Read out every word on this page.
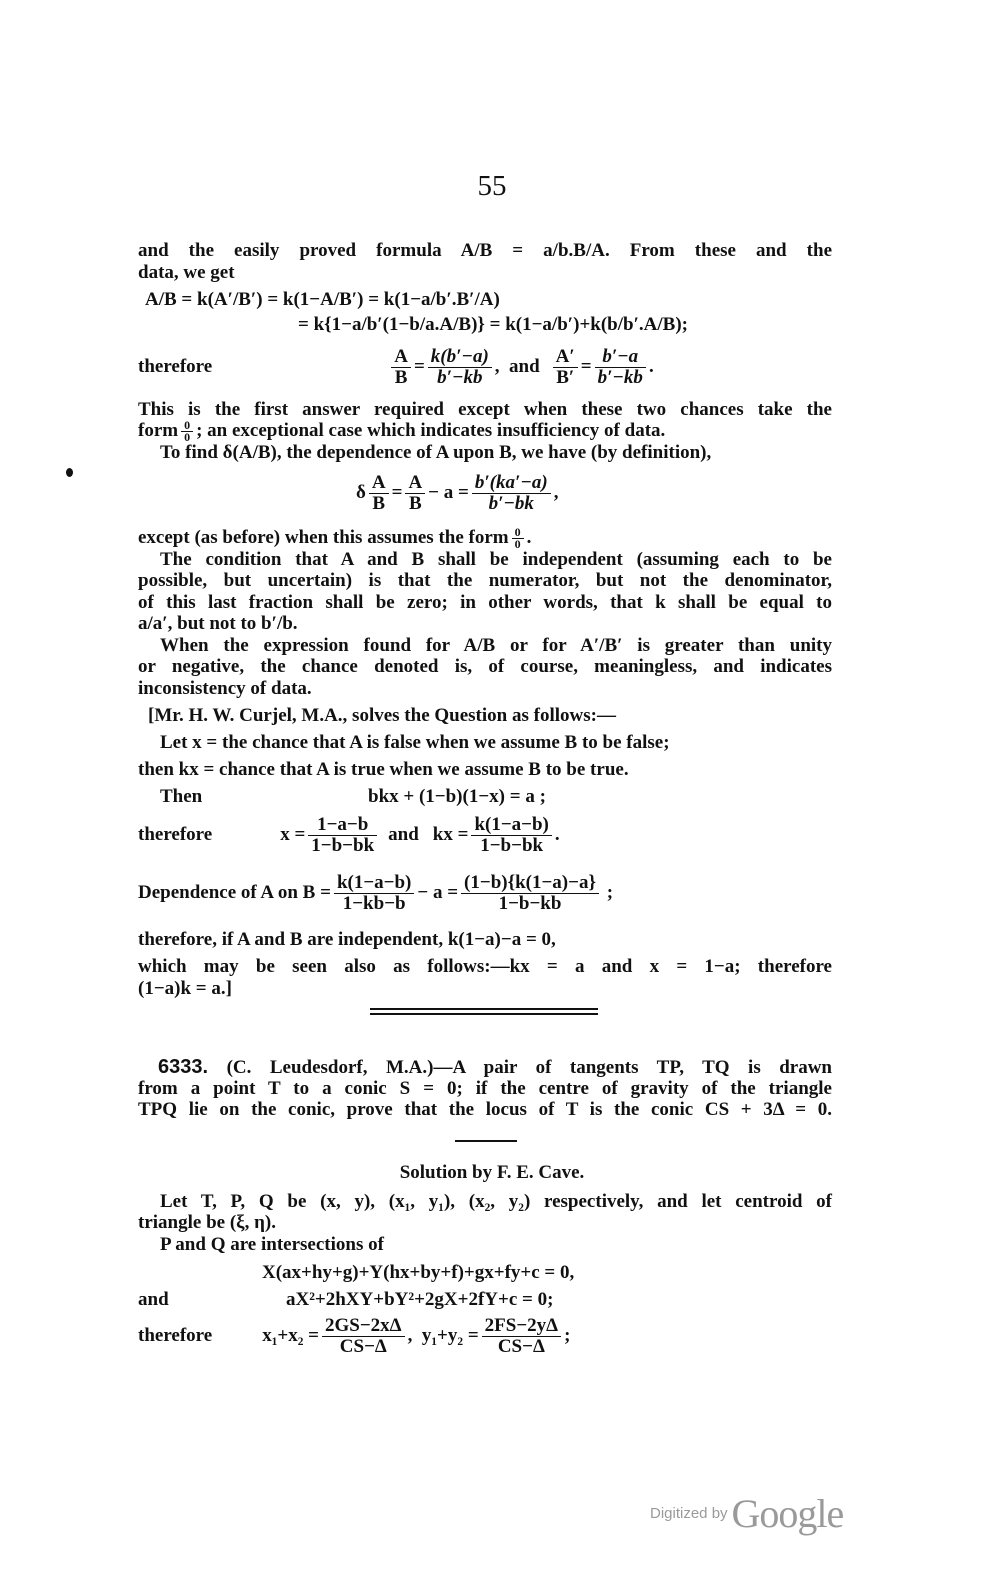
55
and the easily proved formula A/B = a/b.B/A. From these and the
data, we get
A/B = k(A′/B′) = k(1−A/B′) = k(1−a/b′.B′/A)
= k{1−a/b′(1−b/a.A/B)} = k(1−a/b′)+k(b/b′.A/B);
therefore	$\frac{A}{B} = \frac{k(b'-a)}{b'-kb}$ , and $\frac{A'}{B'} = \frac{b'-a}{b'-kb}$ .
This is the first answer required except when these two chances take the
form $\frac{0}{0}$ ; an exceptional case which indicates insufficiency of data.
To find δ(A/B), the dependence of A upon B, we have (by definition),
δ $\frac{A}{B} = \frac{A}{B} - a = \frac{b'(ka'-a)}{b'-bk}$ ,
except (as before) when this assumes the form $\frac{0}{0}$ .
The condition that A and B shall be independent (assuming each to be
possible, but uncertain) is that the numerator, but not the denominator,
of this last fraction shall be zero; in other words, that k shall be equal to
a/a′, but not to b′/b.
When the expression found for A/B or for A′/B′ is greater than unity
or negative, the chance denoted is, of course, meaningless, and indicates
inconsistency of data.
[Mr. H. W. Curjel, M.A., solves the Question as follows:—
Let x = the chance that A is false when we assume B to be false;
then kx = chance that A is true when we assume B to be true.
Then	bkx + (1−b)(1−x) = a ;
therefore	$x = \frac{1-a-b}{1-b-bk}$ and kx = $\frac{k(1-a-b)}{1-b-bk}$ .
Dependence of A on $B = \frac{k(1-a-b)}{1-kb-b} - a = \frac{(1-b)\{k(1-a)-a\}}{1-b-kb}$ ;
therefore, if A and B are independent, k(1−a)−a = 0,
which may be seen also as follows:—kx = a and x = 1−a; therefore
(1−a)k = a.]
6333. (C. Leudesdorf, M.A.)—A pair of tangents TP, TQ is drawn
from a point T to a conic S = 0; if the centre of gravity of the triangle
TPQ lie on the conic, prove that the locus of T is the conic CS + 3Δ = 0.
Solution by F. E. Cave.
Let T, P, Q be (x, y), (x₁, y₁), (x₂, y₂) respectively, and let centroid of
triangle be (ξ, η).
P and Q are intersections of
X(ax+hy+g)+Y(hx+by+f)+gx+fy+c = 0,
and	aX²+2hXY+bY²+2gX+2fY+c = 0;
therefore	$x_1+x_2 = \frac{2GS-2x\Delta}{CS-\Delta}$ , $y_1+y_2 = \frac{2FS-2y\Delta}{CS-\Delta}$ ;
Digitized by Google
